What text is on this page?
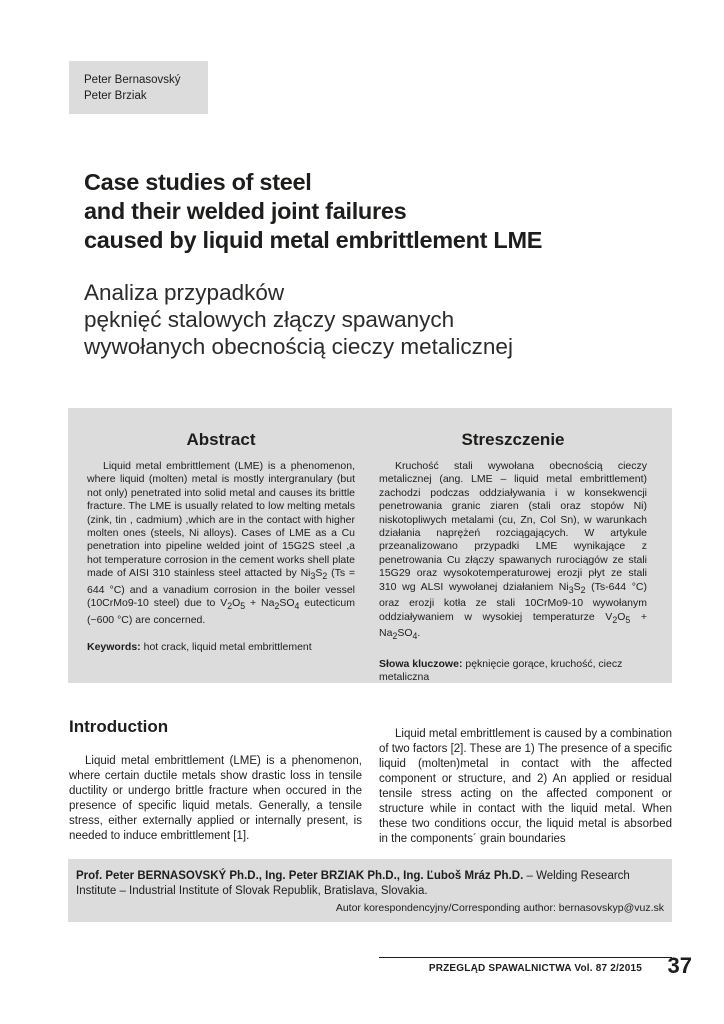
Peter Bernasovský
Peter Brziak
Case studies of steel
and their welded joint failures
caused by liquid metal embrittlement LME
Analiza przypadków
pęknięć stalowych złączy spawanych
wywołanych obecnością cieczy metalicznej
Abstract

Liquid metal embrittlement (LME) is a phenomenon, where liquid (molten) metal is mostly intergranulary (but not only) penetrated into solid metal and causes its brittle fracture. The LME is usually related to low melting metals (zink, tin , cadmium) ,which are in the contact with higher molten ones (steels, Ni alloys). Cases of LME as a Cu penetration into pipeline welded joint of 15G2S steel ,a hot temperature corrosion in the cement works shell plate made of AISI 310 stainless steel attacted by $Ni_3S_2$ (Ts = 644 °C) and a vanadium corrosion in the boiler vessel (10CrMo9-10 steel) due to $V_2O_5 + Na_2SO_4$ eutecticum (~600 °C) are concerned.

Keywords: hot crack, liquid metal embrittlement

Streszczenie

Kruchość stali wywołana obecnością cieczy metalicznej (ang. LME – liquid metal embrittlement) zachodzi podczas oddziaływania i w konsekwencji penetrowania granic ziaren (stali oraz stopów Ni) niskotopliwych metalami (cu, Zn, Col Sn), w warunkach działania naprężeń rozciągających. W artykule przeanalizowano przypadki LME wynikające z penetrowania Cu złączy spawanych rurociągów ze stali 15G29 oraz wysokotemperaturowej erozji płyt ze stali 310 wg ALSI wywołanej działaniem $Ni_3S_2$ (Ts-644 °C) oraz erozji kotła ze stali 10CrMo9-10 wywołanym oddziaływaniem w wysokiej temperaturze $V_2O_5 + Na_2SO_4$.

Słowa kluczowe: pęknięcie gorące, kruchość, ciecz metaliczna

Introduction

Liquid metal embrittlement (LME) is a phenomenon, where certain ductile metals show drastic loss in tensile ductility or undergo brittle fracture when occured in the presence of specific liquid metals. Generally, a tensile stress, either externally applied or internally present, is needed to induce embrittlement [1].

Liquid metal embrittlement is caused by a combination of two factors [2]. These are 1) The presence of a specific liquid (molten)metal in contact with the affected component or structure, and 2) An applied or residual tensile stress acting on the affected component or structure while in contact with the liquid metal. When these two conditions occur, the liquid metal is absorbed in the components´ grain boundaries

Prof. Peter BERNASOVSKÝ Ph.D., Ing. Peter BRZIAK Ph.D., Ing. Ľuboš Mráz Ph.D. – Welding Research Institute – Industrial Institute of Slovak Republik, Bratislava, Slovakia.

Autor korespondencyjny/Corresponding author: bernasovskyp@vuz.sk

PRZEGLĄD SPAWALNICTWA Vol. 87 2/2015 37
